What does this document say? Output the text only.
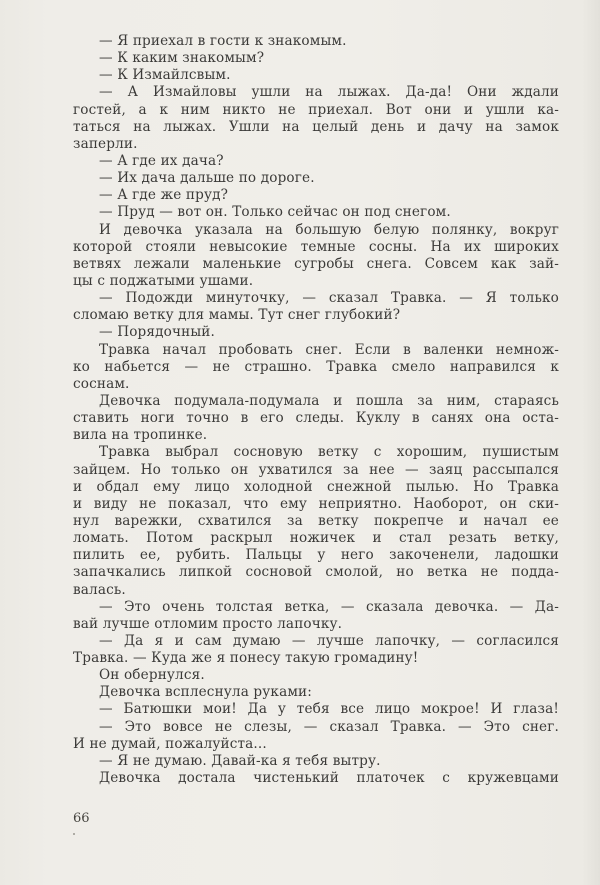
— Я приехал в гости к знакомым.
— К каким знакомым?
— К Измайлсвым.
— А Измайловы ушли на лыжах. Да-да! Они ждали
гостей, а к ним никто не приехал. Вот они и ушли ка-
таться на лыжах. Ушли на целый день и дачу на замок
заперли.
— А где их дача?
— Их дача дальше по дороге.
— А где же пруд?
— Пруд — вот он. Только сейчас он под снегом.
И девочка указала на большую белую полянку, вокруг
которой стояли невысокие темные сосны. На их широких
ветвях лежали маленькие сугробы снега. Совсем как зай-
цы с поджатыми ушами.
— Подожди минуточку, — сказал Травка. — Я только
сломаю ветку для мамы. Тут снег глубокий?
— Порядочный.
Травка начал пробовать снег. Если в валенки немнож-
ко набьется — не страшно. Травка смело направился к
соснам.
Девочка подумала-подумала и пошла за ним, стараясь
ставить ноги точно в его следы. Куклу в санях она оста-
вила на тропинке.
Травка выбрал сосновую ветку с хорошим, пушистым
зайцем. Но только он ухватился за нее — заяц рассыпался
и обдал ему лицо холодной снежной пылью. Но Травка
и виду не показал, что ему неприятно. Наоборот, он ски-
нул варежки, схватился за ветку покрепче и начал ее
ломать. Потом раскрыл ножичек и стал резать ветку,
пилить ее, рубить. Пальцы у него закоченели, ладошки
запачкались липкой сосновой смолой, но ветка не подда-
валась.
— Это очень толстая ветка, — сказала девочка. — Да-
вай лучше отломим просто лапочку.
— Да я и сам думаю — лучше лапочку, — согласился
Травка. — Куда же я понесу такую громадину!
Он обернулся.
Девочка всплеснула руками:
— Батюшки мои! Да у тебя все лицо мокрое! И глаза!
— Это вовсе не слезы, — сказал Травка. — Это снег.
И не думай, пожалуйста...
— Я не думаю. Давай-ка я тебя вытру.
Девочка достала чистенький платочек с кружевцами
66
